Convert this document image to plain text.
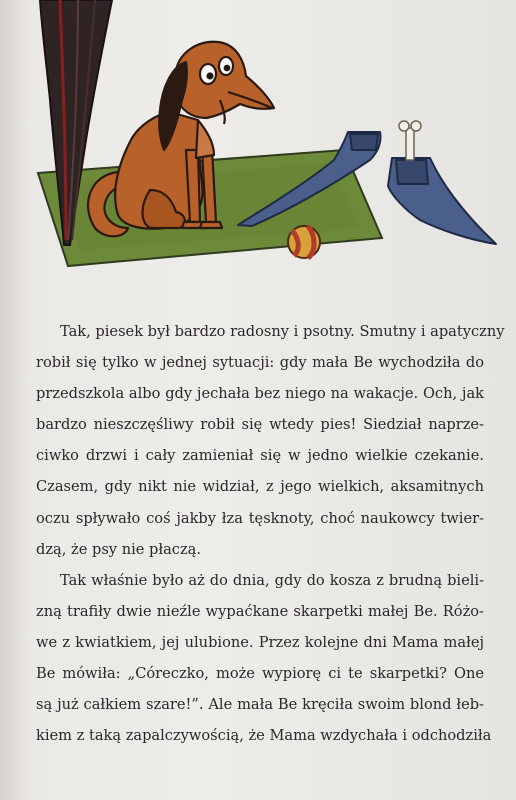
Tak, piesek był bardzo radosny i psotny. Smutny i apatyczny
robił się tylko w jednej sytuacji: gdy mała Be wychodziła do
przedszkola albo gdy jechała bez niego na wakacje. Och, jak
bardzo nieszczęśliwy robił się wtedy pies! Siedział naprze-
ciwko drzwi i cały zamieniał się w jedno wielkie czekanie.
Czasem, gdy nikt nie widział, z jego wielkich, aksamitnych
oczu spływało coś jakby łza tęsknoty, choć naukowcy twier-
dzą, że psy nie płaczą.
Tak właśnie było aż do dnia, gdy do kosza z brudną bieli-
zną trafiły dwie nieźle wypaćkane skarpetki małej Be. Różo-
we z kwiatkiem, jej ulubione. Przez kolejne dni Mama małej
Be mówiła: „Córeczko, może wypiorę ci te skarpetki? One
są już całkiem szare!”. Ale mała Be kręciła swoim blond łeb-
kiem z taką zapalczywością, że Mama wzdychała i odchodziła
